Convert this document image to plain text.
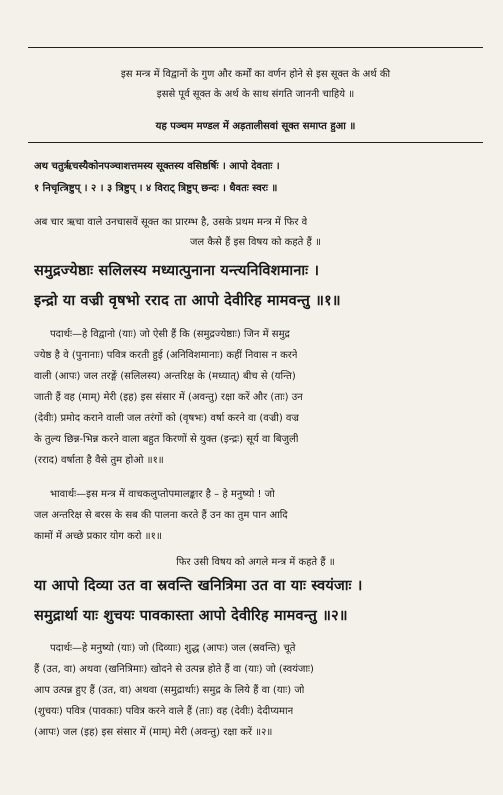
इस मन्त्र में विद्वानों के गुण और कर्मों का वर्णन होने से इस सूक्त के अर्थ की
इससे पूर्व सूक्त के अर्थ के साथ संगति जाननी चाहिये ॥
यह पञ्चम मण्डल में अड़तालीसवां सूक्त समाप्त हुआ ॥
अथ चतुर्ऋचस्यैकोनपञ्चाशत्तमस्य सूक्तस्य वसिष्ठर्षिः । आपो देवताः ।
१ निचृत्त्रिष्टुप् । २ । ३ त्रिष्टुप् । ४ विराट् त्रिष्टुप् छन्दः । धैवतः स्वरः ॥
अब चार ऋचा वाले उनचासवें सूक्त का प्रारम्भ है, उसके प्रथम मन्त्र में फिर वे
जल कैसे हैं इस विषय को कहते हैं ॥
समुद्रज्येष्ठाः सलिलस्य मध्यात्पुनाना यन्त्यनिविशमानाः ।
इन्द्रो या वज्री वृषभो रराद ता आपो देवीरिह मामवन्तु ॥१॥
पदार्थः—हे विद्वानो (याः) जो ऐसी हैं कि (समुद्रज्येष्ठाः) जिन में समुद्र
ज्येष्ठ है वे (पुनानाः) पवित्र करती हुई (अनिविशमानाः) कहीं निवास न करने
वाली (आपः) जल तरङ्गें (सलिलस्य) अन्तरिक्ष के (मध्यात्) बीच से (यन्ति)
जाती हैं वह (माम्) मेरी (इह) इस संसार में (अवन्तु) रक्षा करें और (ताः) उन
(देवीः) प्रमोद कराने वाली जल तरंगों को (वृषभः) वर्षा करने वा (वज्री) वज्र
के तुल्य छिन्न-भिन्न करने वाला बहुत किरणों से युक्त (इन्द्रः) सूर्य वा बिजुली
(रराद) वर्षाता है वैसे तुम होओ ॥१॥
भावार्थः—इस मन्त्र में वाचकलुप्तोपमालङ्कार है – हे मनुष्यो ! जो
जल अन्तरिक्ष से बरस के सब की पालना करते हैं उन का तुम पान आदि
कामों में अच्छे प्रकार योग करो ॥१॥
फिर उसी विषय को अगले मन्त्र में कहते हैं ॥
या आपो दिव्या उत वा स्रवन्ति खनित्रिमा उत वा याः स्वयंजाः ।
समुद्रार्था याः शुचयः पावकास्ता आपो देवीरिह मामवन्तु ॥२॥
पदार्थः—हे मनुष्यो (याः) जो (दिव्याः) शुद्ध (आपः) जल (स्रवन्ति) चूते
हैं (उत, वा) अथवा (खनित्रिमाः) खोदने से उत्पन्न होते हैं वा (याः) जो (स्वयंजाः)
आप उत्पन्न हुए हैं (उत, वा) अथवा (समुद्रार्थाः) समुद्र के लिये हैं वा (याः) जो
(शुचयः) पवित्र (पावकाः) पवित्र करने वाले हैं (ताः) वह (देवीः) देदीप्यमान
(आपः) जल (इह) इस संसार में (माम्) मेरी (अवन्तु) रक्षा करें ॥२॥
